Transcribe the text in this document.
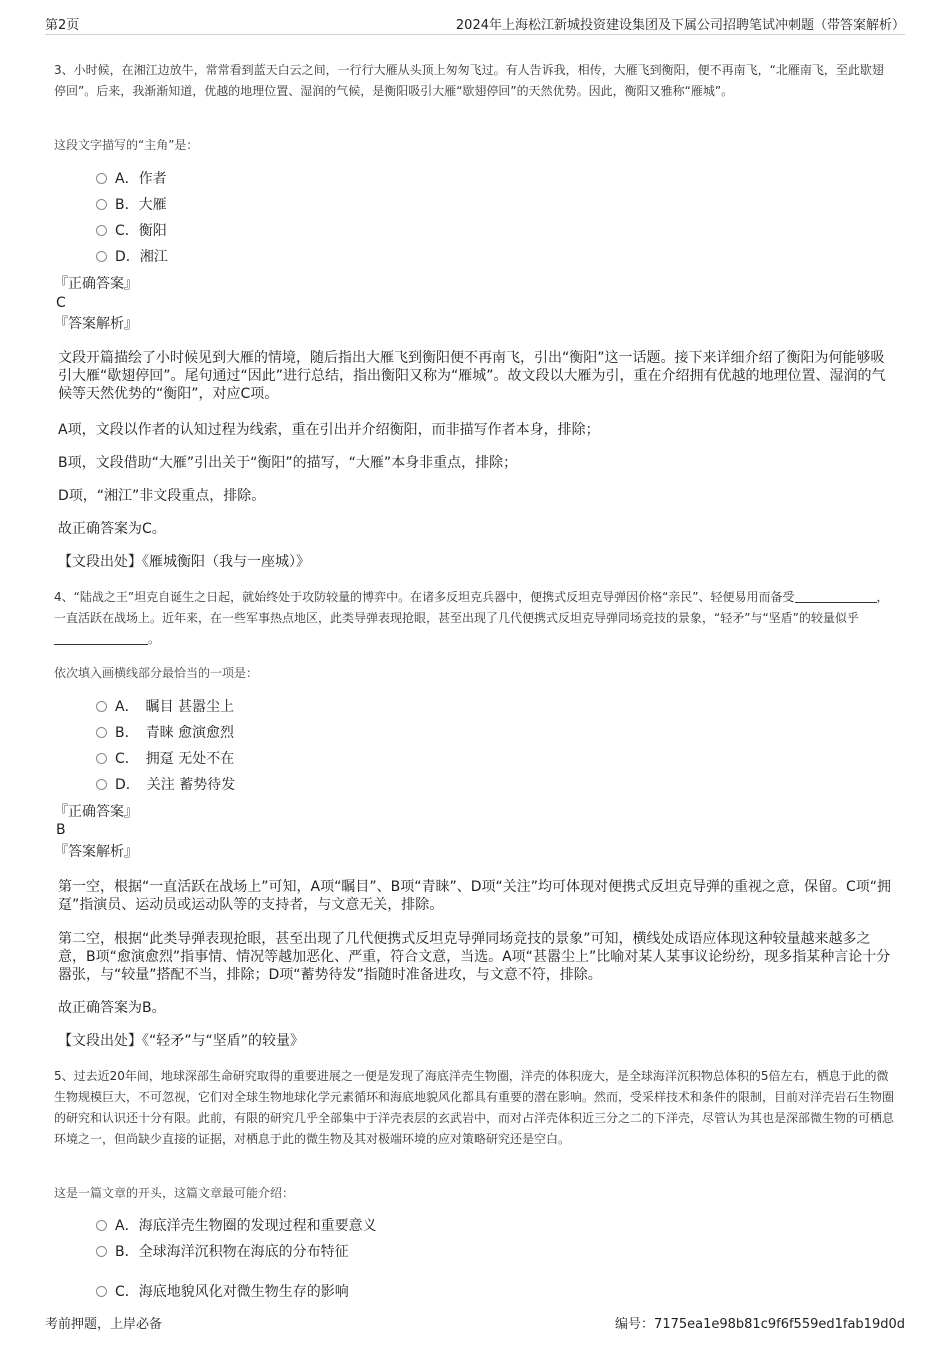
第2页	2024年上海松江新城投资建设集团及下属公司招聘笔试冲刺题（带答案解析）
3、小时候，在湘江边放牛，常常看到蓝天白云之间，一行行大雁从头顶上匆匆飞过。有人告诉我，相传，大雁飞到衡阳，便不再南飞，“北雁南飞，至此歇翅停回”。后来，我渐渐知道，优越的地理位置、湿润的气候，是衡阳吸引大雁“歇翅停回”的天然优势。因此，衡阳又雅称“雁城”。
这段文字描写的“主角”是：
A．作者
B．大雁
C．衡阳
D．湘江
『正确答案』
C
『答案解析』
文段开篇描绘了小时候见到大雁的情境，随后指出大雁飞到衡阳便不再南飞，引出“衡阳”这一话题。接下来详细介绍了衡阳为何能够吸引大雁“歇翅停回”。尾句通过“因此”进行总结，指出衡阳又称为“雁城”。故文段以大雁为引，重在介绍拥有优越的地理位置、湿润的气候等天然优势的“衡阳”，对应C项。
A项，文段以作者的认知过程为线索，重在引出并介绍衡阳，而非描写作者本身，排除；
B项，文段借助“大雁”引出关于“衡阳”的描写，“大雁”本身非重点，排除；
D项，“湘江”非文段重点，排除。
故正确答案为C。
【文段出处】《雁城衡阳（我与一座城）》
4、“陆战之王”坦克自诞生之日起，就始终处于攻防较量的博弈中。在诸多反坦克兵器中，便携式反坦克导弹因价格“亲民”、轻便易用而备受	，一直活跃在战场上。近年来，在一些军事热点地区，此类导弹表现抢眼，甚至出现了几代便携式反坦克导弹同场竞技的景象，“轻矛”与“坚盾”的较量似乎。
依次填入画横线部分最恰当的一项是：
A．　瞩目 甚嚣尘上
B．　青睐 愈演愈烈
C．　拥趸 无处不在
D．　关注 蓄势待发
『正确答案』
B
『答案解析』
第一空，根据“一直活跃在战场上”可知，A项“瞩目”、B项“青睐”、D项“关注”均可体现对便携式反坦克导弹的重视之意，保留。C项“拥趸”指演员、运动员或运动队等的支持者，与文意无关，排除。
第二空，根据“此类导弹表现抢眼，甚至出现了几代便携式反坦克导弹同场竞技的景象”可知，横线处成语应体现这种较量越来越多之意，B项“愈演愈烈”指事情、情况等越加恶化、严重，符合文意，当选。A项“甚嚣尘上”比喻对某人某事议论纷纷，现多指某种言论十分嚣张，与“较量”搭配不当，排除；D项“蓄势待发”指随时准备进攻，与文意不符，排除。
故正确答案为B。
【文段出处】《“轻矛”与“坚盾”的较量》
5、过去近20年间，地球深部生命研究取得的重要进展之一便是发现了海底洋壳生物圈，洋壳的体积庞大，是全球海洋沉积物总体积的5倍左右，栖息于此的微生物规模巨大，不可忽视，它们对全球生物地球化学元素循环和海底地貌风化都具有重要的潜在影响。然而，受采样技术和条件的限制，目前对洋壳岩石生物圈的研究和认识还十分有限。此前，有限的研究几乎全部集中于洋壳表层的玄武岩中，而对占洋壳体积近三分之二的下洋壳，尽管认为其也是深部微生物的可栖息环境之一，但尚缺少直接的证据，对栖息于此的微生物及其对极端环境的应对策略研究还是空白。
这是一篇文章的开头，这篇文章最可能介绍：
A．海底洋壳生物圈的发现过程和重要意义
B．全球海洋沉积物在海底的分布特征
C．海底地貌风化对微生物生存的影响
考前押题，上岸必备	编号：7175ea1e98b81c9f6f559ed1fab19d0d
